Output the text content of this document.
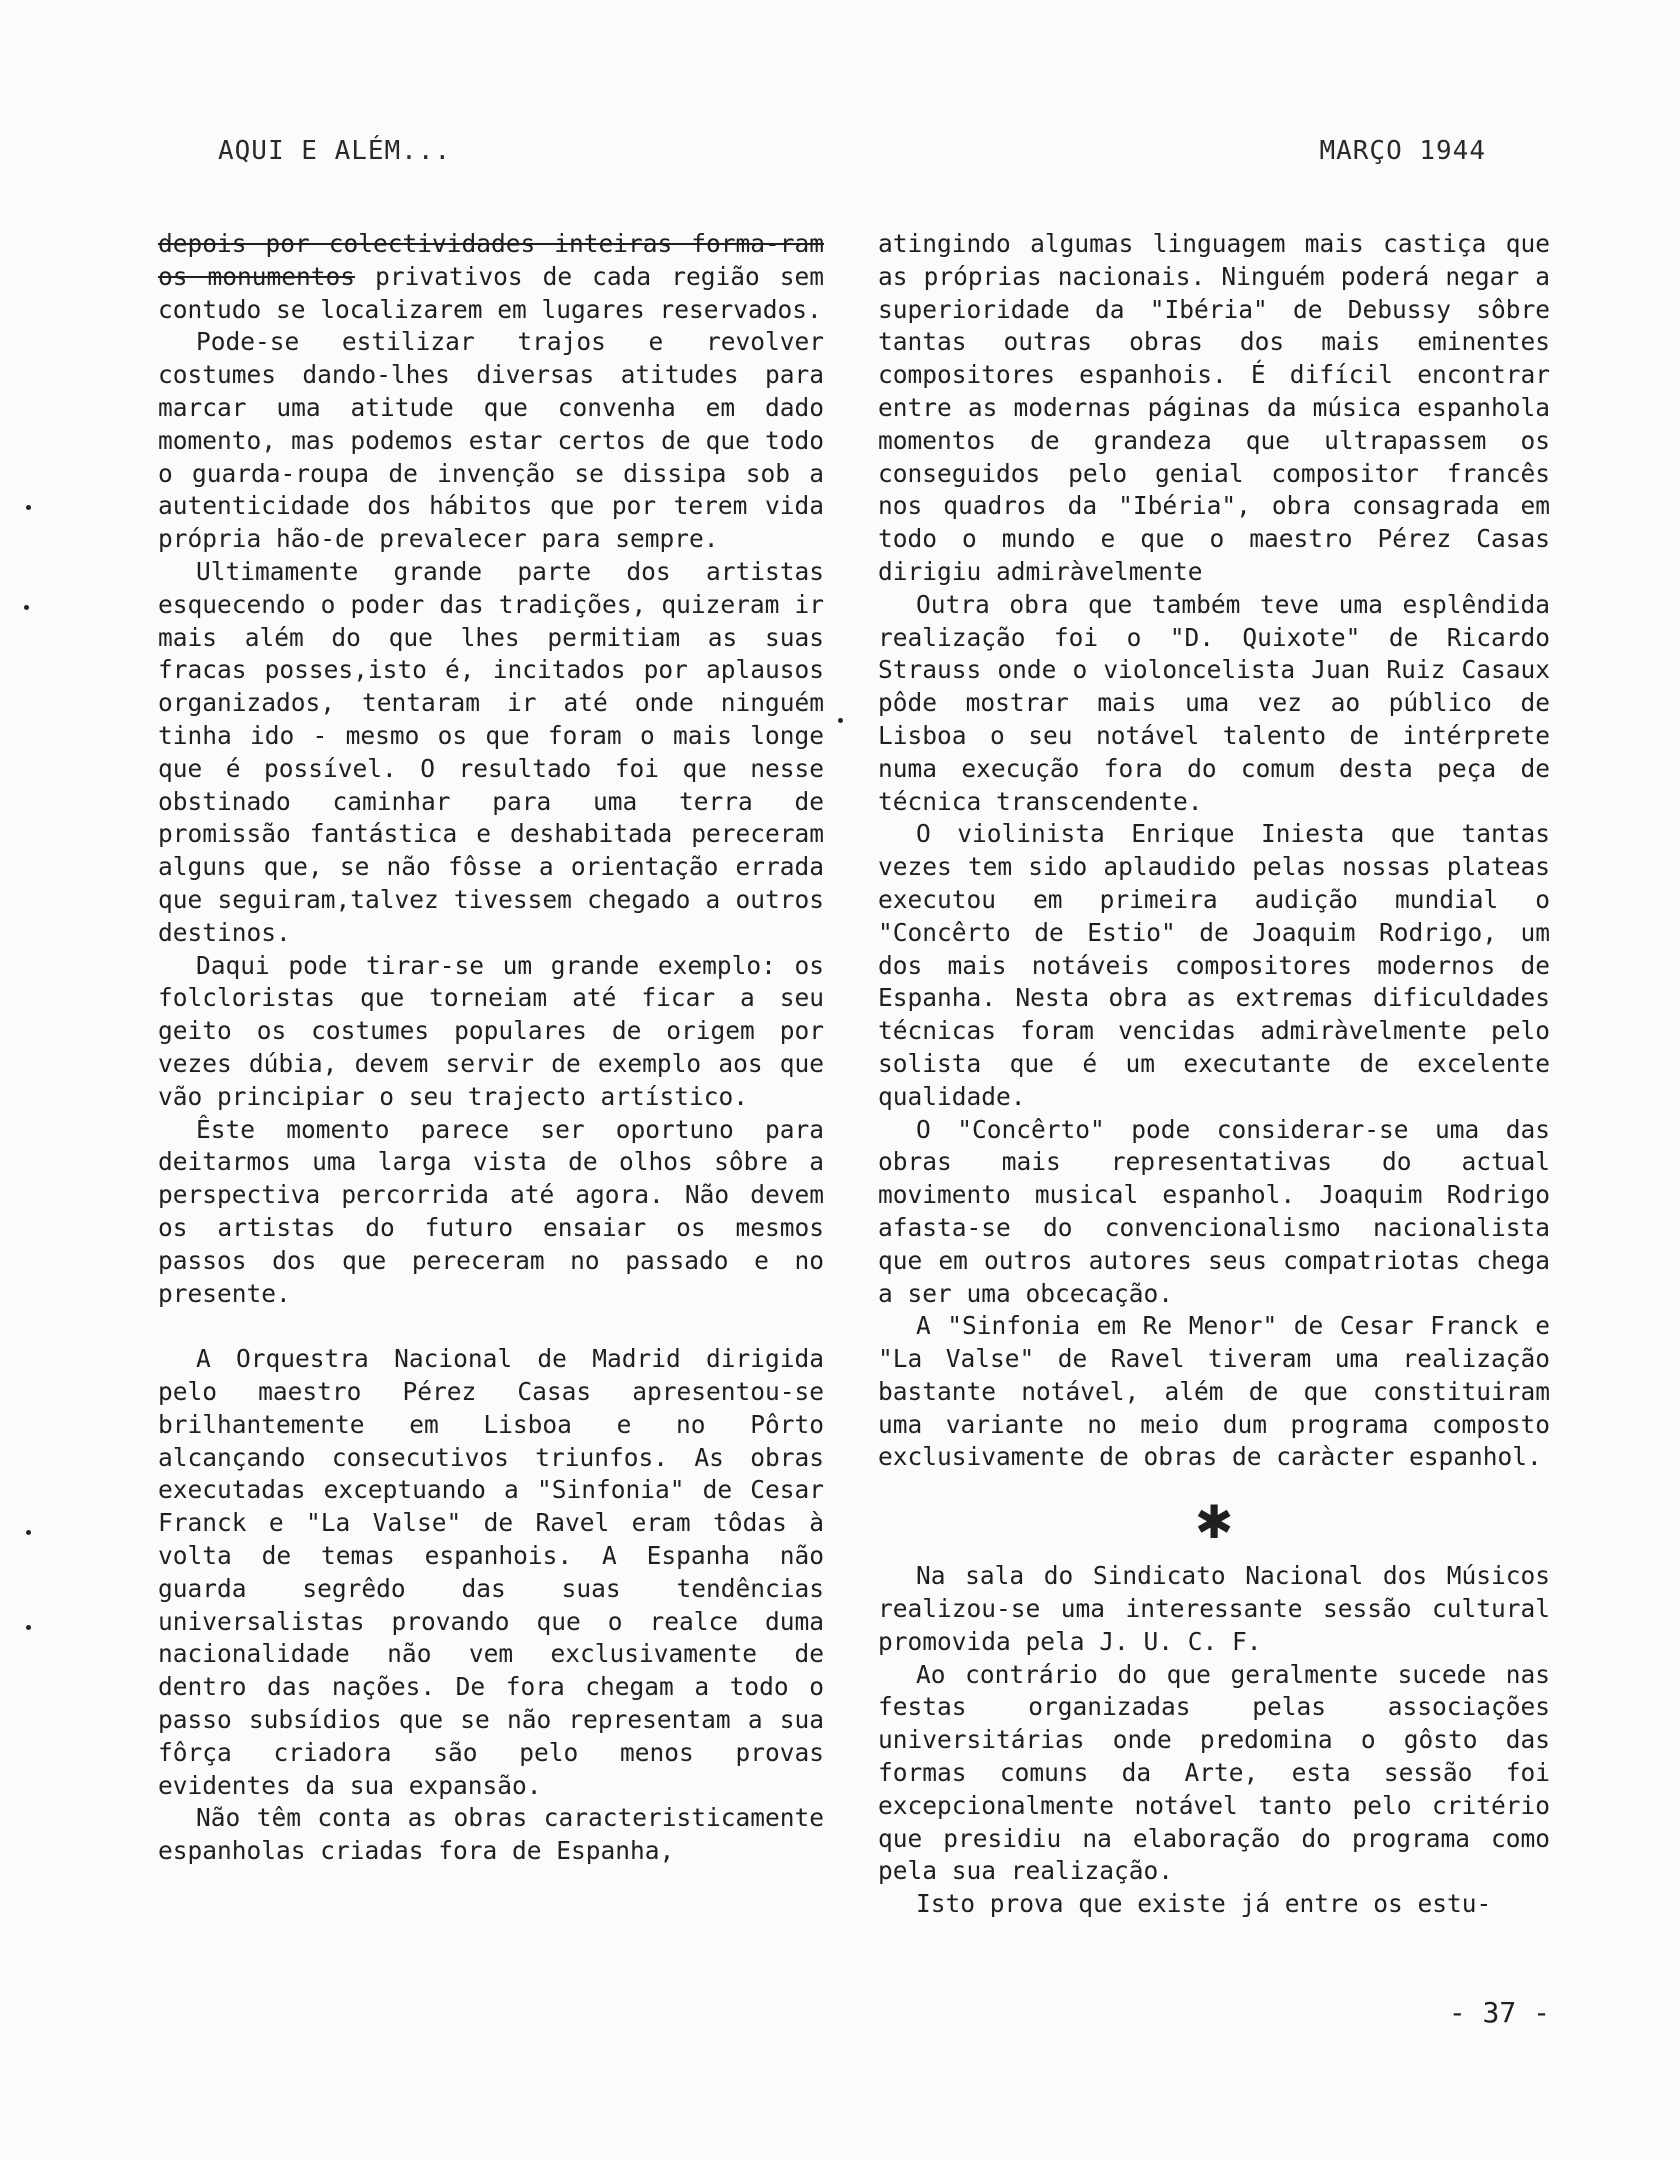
AQUI E ALÉM...	MARÇO 1944

depois por colectividades inteiras forma-ram os monumentos privativos de cada região sem contudo se localizarem em lugares reservados.

Pode-se estilizar trajos e revolver costumes dando-lhes diversas atitudes para marcar uma atitude que convenha em dado momento, mas podemos estar certos de que todo o guarda-roupa de invenção se dissipa sob a autenticidade dos hábitos que por terem vida própria hão-de prevalecer para sempre.

Ultimamente grande parte dos artistas esquecendo o poder das tradições, quizeram ir mais além do que lhes permitiam as suas fracas posses,isto é, incitados por aplausos organizados, tentaram ir até onde ninguém tinha ido - mesmo os que foram o mais longe que é possível. O resultado foi que nesse obstinado caminhar para uma terra de promissão fantástica e deshabitada pereceram alguns que, se não fôsse a orientação errada que seguiram,talvez tivessem chegado a outros destinos.

Daqui pode tirar-se um grande exemplo: os folcloristas que torneiam até ficar a seu geito os costumes populares de origem por vezes dúbia, devem servir de exemplo aos que vão principiar o seu trajecto artístico.

Êste momento parece ser oportuno para deitarmos uma larga vista de olhos sôbre a perspectiva percorrida até agora. Não devem os artistas do futuro ensaiar os mesmos passos dos que pereceram no passado e no presente.

A Orquestra Nacional de Madrid dirigida pelo maestro Pérez Casas apresentou-se brilhantemente em Lisboa e no Pôrto alcançando consecutivos triunfos. As obras executadas exceptuando a "Sinfonia" de Cesar Franck e "La Valse" de Ravel eram tôdas à volta de temas espanhois. A Espanha não guarda segrêdo das suas tendências universalistas provando que o realce duma nacionalidade não vem exclusivamente de dentro das nações. De fora chegam a todo o passo subsídios que se não representam a sua fôrça criadora são pelo menos provas evidentes da sua expansão.

Não têm conta as obras caracteristicamente espanholas criadas fora de Espanha,

atingindo algumas linguagem mais castiça que as próprias nacionais. Ninguém poderá negar a superioridade da "Ibéria" de Debussy sôbre tantas outras obras dos mais eminentes compositores espanhois. É difícil encontrar entre as modernas páginas da música espanhola momentos de grandeza que ultrapassem os conseguidos pelo genial compositor francês nos quadros da "Ibéria", obra consagrada em todo o mundo e que o maestro Pérez Casas dirigiu admiràvelmente

Outra obra que também teve uma esplêndida realização foi o "D. Quixote" de Ricardo Strauss onde o violoncelista Juan Ruiz Casaux pôde mostrar mais uma vez ao público de Lisboa o seu notável talento de intérprete numa execução fora do comum desta peça de técnica transcendente.

O violinista Enrique Iniesta que tantas vezes tem sido aplaudido pelas nossas plateas executou em primeira audição mundial o "Concêrto de Estio" de Joaquim Rodrigo, um dos mais notáveis compositores modernos de Espanha. Nesta obra as extremas dificuldades técnicas foram vencidas admiràvelmente pelo solista que é um executante de excelente qualidade.

O "Concêrto" pode considerar-se uma das obras mais representativas do actual movimento musical espanhol. Joaquim Rodrigo afasta-se do convencionalismo nacionalista que em outros autores seus compatriotas chega a ser uma obcecação.

A "Sinfonia em Re Menor" de Cesar Franck e "La Valse" de Ravel tiveram uma realização bastante notável, além de que constituiram uma variante no meio dum programa composto exclusivamente de obras de caràcter espanhol.

✱

Na sala do Sindicato Nacional dos Músicos realizou-se uma interessante sessão cultural promovida pela J. U. C. F.

Ao contrário do que geralmente sucede nas festas organizadas pelas associações universitárias onde predomina o gôsto das formas comuns da Arte, esta sessão foi excepcionalmente notável tanto pelo critério que presidiu na elaboração do programa como pela sua realização.

Isto prova que existe já entre os estu-

- 37 -
